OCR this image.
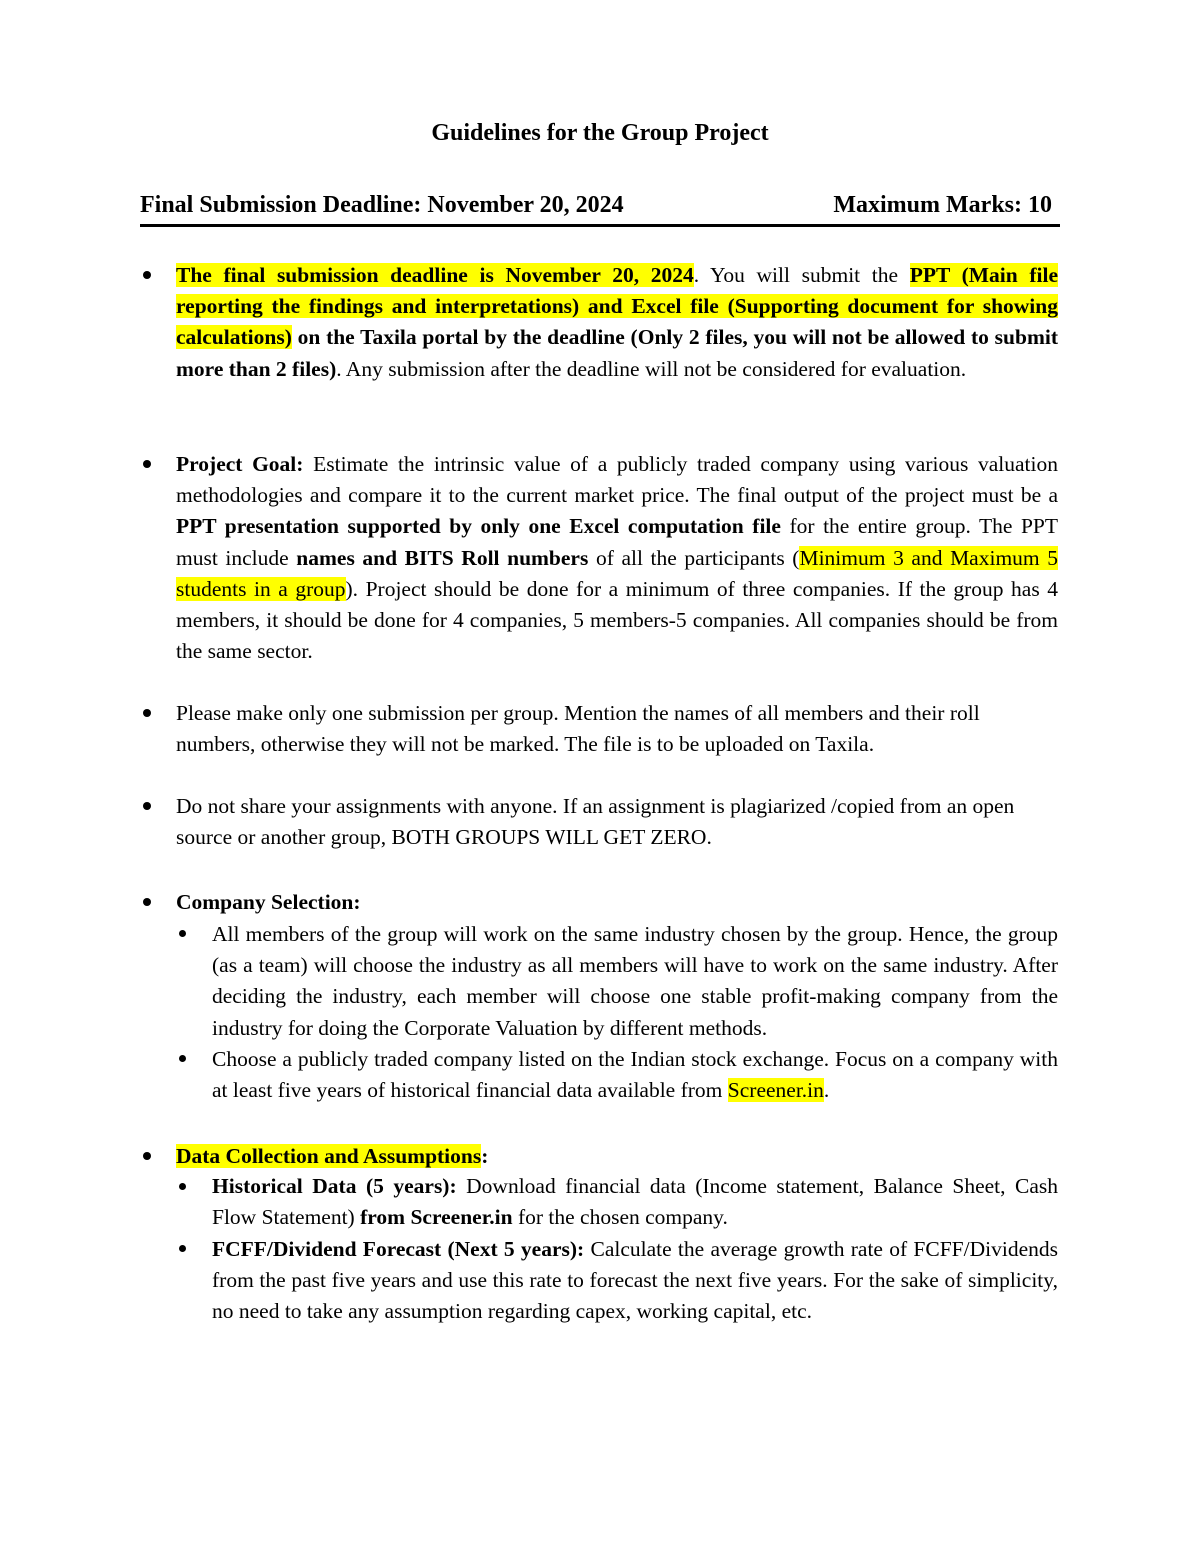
Guidelines for the Group Project
Final Submission Deadline: November 20, 2024	Maximum Marks: 10
The final submission deadline is November 20, 2024. You will submit the PPT (Main file reporting the findings and interpretations) and Excel file (Supporting document for showing calculations) on the Taxila portal by the deadline (Only 2 files, you will not be allowed to submit more than 2 files). Any submission after the deadline will not be considered for evaluation.
Project Goal: Estimate the intrinsic value of a publicly traded company using various valuation methodologies and compare it to the current market price. The final output of the project must be a PPT presentation supported by only one Excel computation file for the entire group. The PPT must include names and BITS Roll numbers of all the participants (Minimum 3 and Maximum 5 students in a group). Project should be done for a minimum of three companies. If the group has 4 members, it should be done for 4 companies, 5 members-5 companies. All companies should be from the same sector.
Please make only one submission per group. Mention the names of all members and their roll numbers, otherwise they will not be marked. The file is to be uploaded on Taxila.
Do not share your assignments with anyone. If an assignment is plagiarized /copied from an open source or another group, BOTH GROUPS WILL GET ZERO.
Company Selection:
All members of the group will work on the same industry chosen by the group. Hence, the group (as a team) will choose the industry as all members will have to work on the same industry. After deciding the industry, each member will choose one stable profit-making company from the industry for doing the Corporate Valuation by different methods.
Choose a publicly traded company listed on the Indian stock exchange. Focus on a company with at least five years of historical financial data available from Screener.in.
Data Collection and Assumptions:
Historical Data (5 years): Download financial data (Income statement, Balance Sheet, Cash Flow Statement) from Screener.in for the chosen company.
FCFF/Dividend Forecast (Next 5 years): Calculate the average growth rate of FCFF/Dividends from the past five years and use this rate to forecast the next five years. For the sake of simplicity, no need to take any assumption regarding capex, working capital, etc.
